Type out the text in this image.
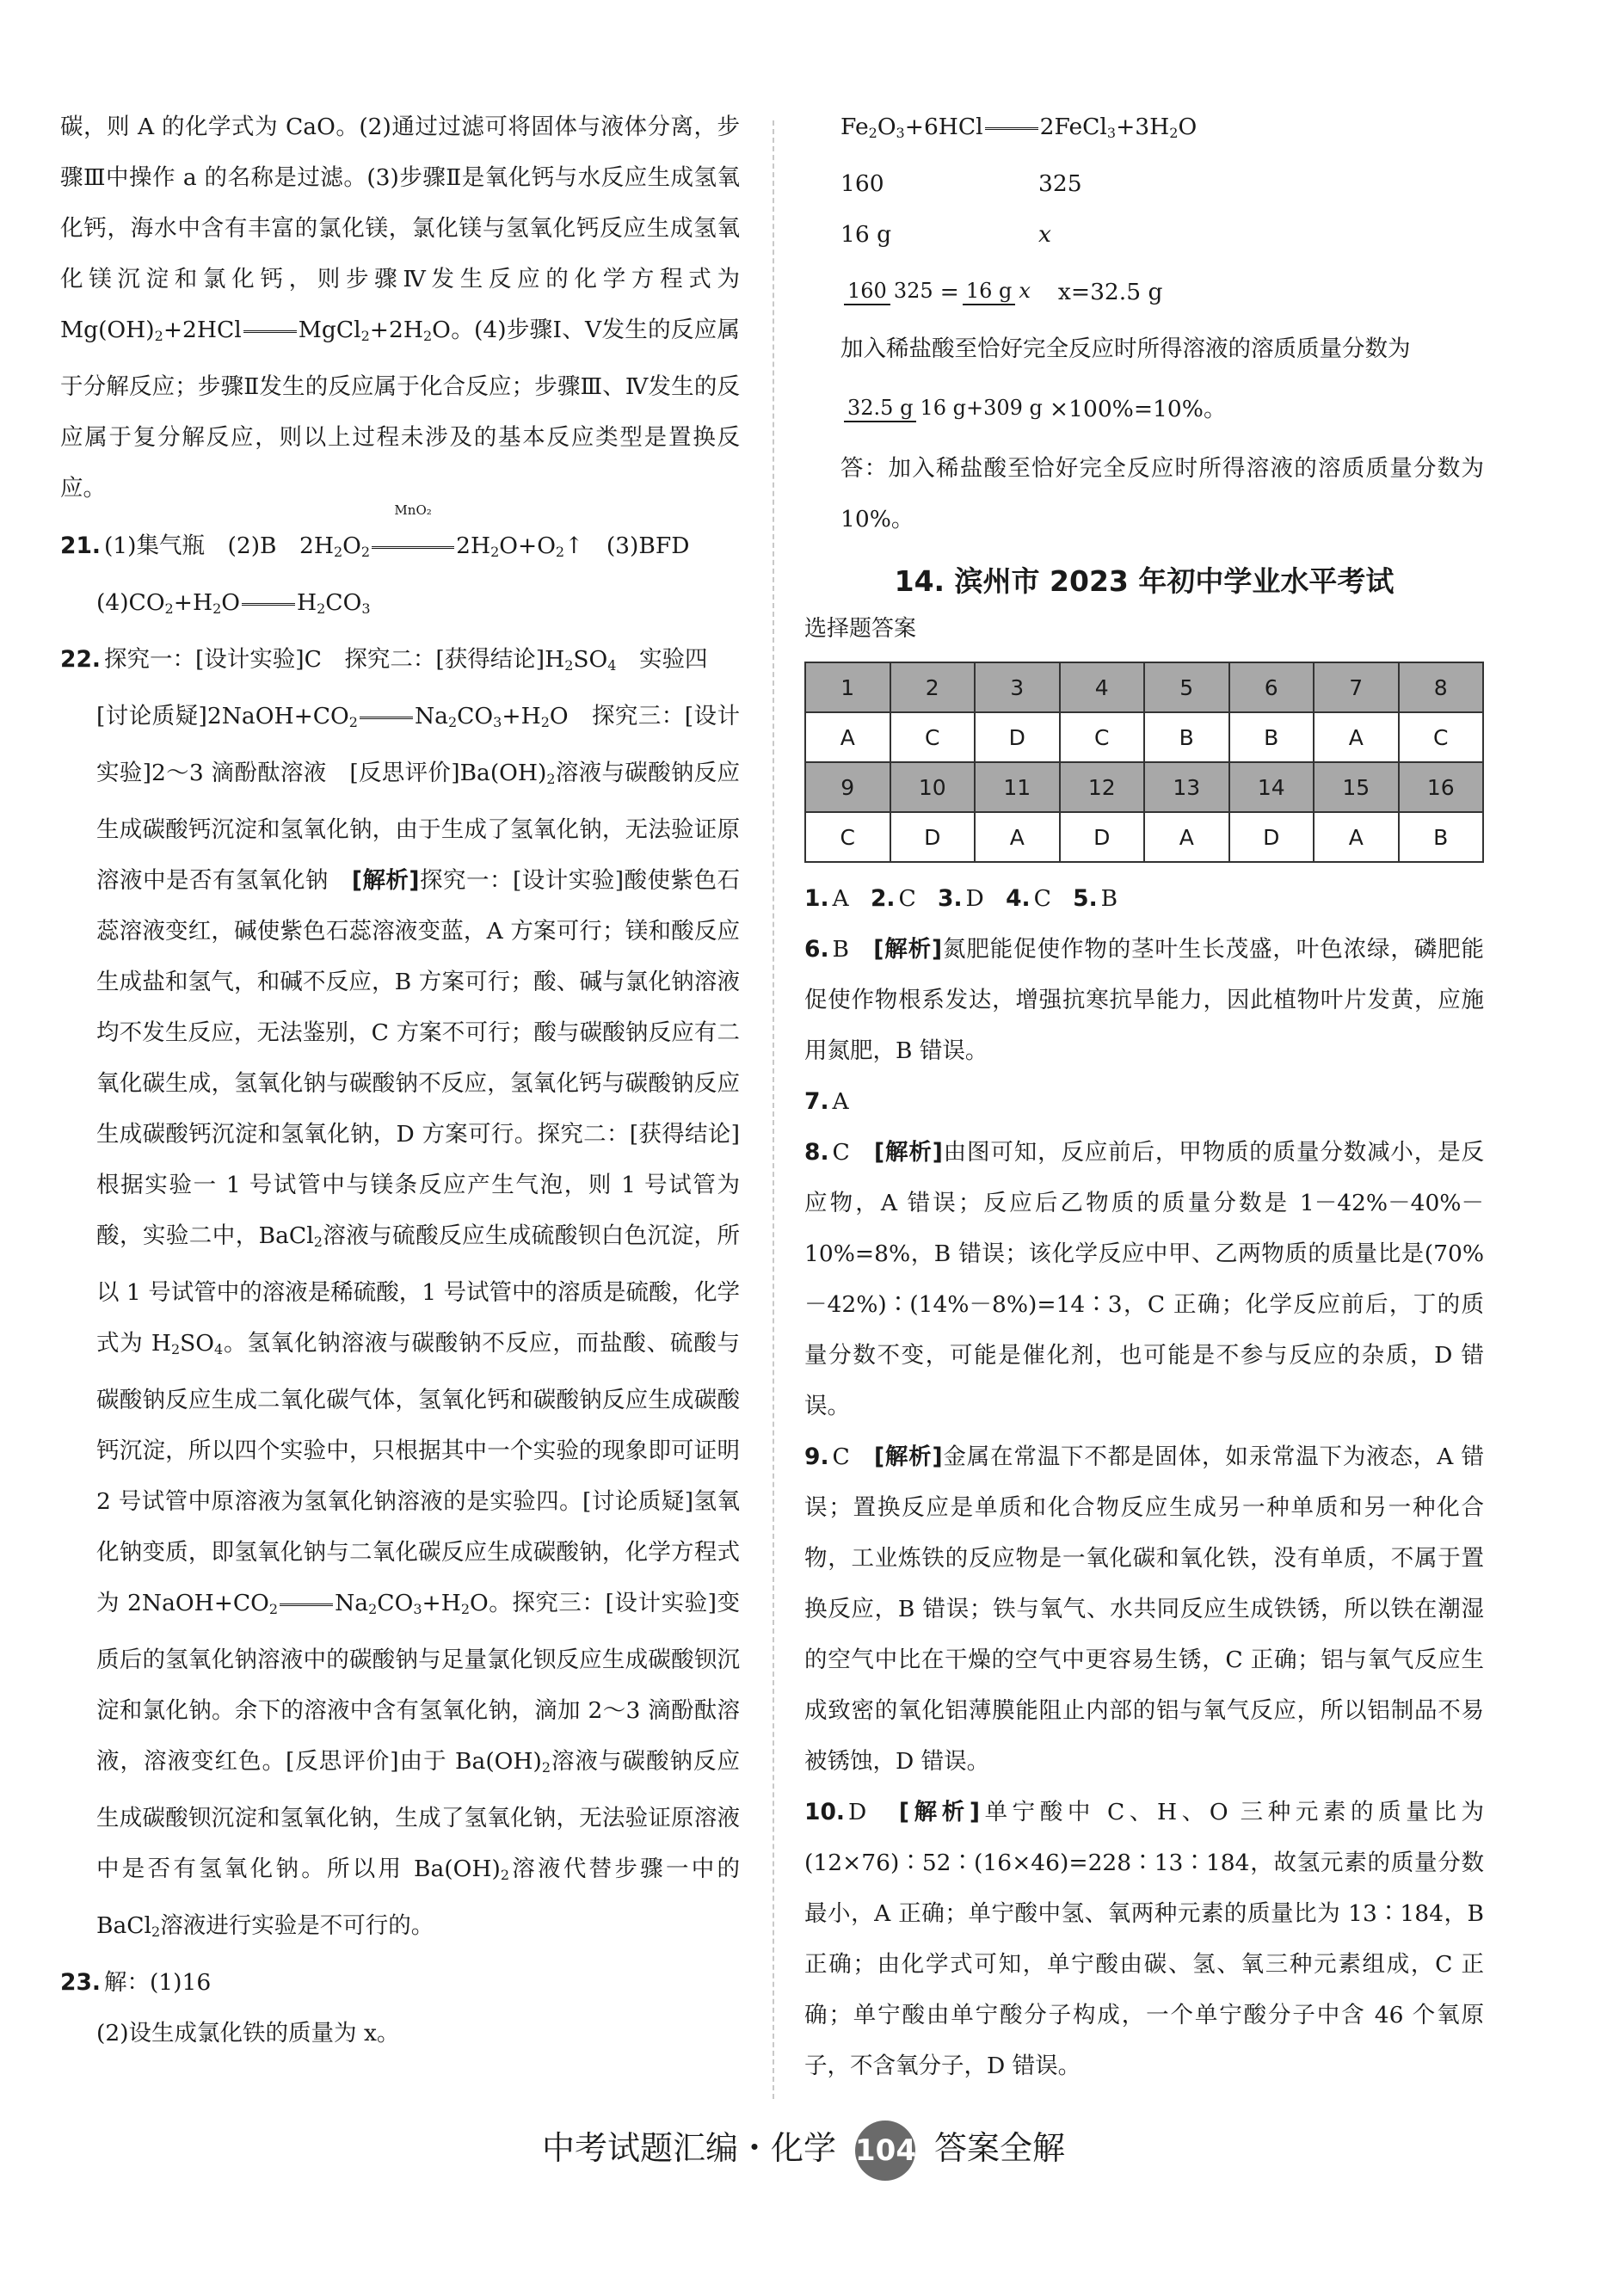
碳，则 A 的化学式为 CaO。(2)通过过滤可将固体与液体分离，步骤Ⅲ中操作 a 的名称是过滤。(3)步骤Ⅱ是氧化钙与水反应生成氢氧化钙，海水中含有丰富的氯化镁，氯化镁与氢氧化钙反应生成氢氧化镁沉淀和氯化钙，则步骤Ⅳ发生反应的化学方程式为 $Mg(OH)_2+2HCl$ $MgCl_2+2H_2O$。(4)步骤Ⅰ、Ⅴ发生的反应属于分解反应；步骤Ⅱ发生的反应属于化合反应；步骤Ⅲ、Ⅳ发生的反应属于复分解反应，则以上过程未涉及的基本反应类型是置换反应。

21. (1)集气瓶　(2)B　$2H_2O_2$
MnO₂
$2H_2O+O_2↑$　(3)BFD

$(4)CO_2+H_2O$ $H_2CO_3$

22. 探究一：[设计实验]C　探究二：[获得结论]$H_2SO_4$　实验四

[讨论质疑]$2NaOH+CO_2$ $Na_2CO_3+H_2O$　探究三：[设计实验]2～3 滴酚酞溶液　[反思评价]$Ba(OH)_2$溶液与碳酸钠反应生成碳酸钙沉淀和氢氧化钠，由于生成了氢氧化钠，无法验证原溶液中是否有氢氧化钠　[解析]探究一：[设计实验]酸使紫色石蕊溶液变红，碱使紫色石蕊溶液变蓝，A 方案可行；镁和酸反应生成盐和氢气，和碱不反应，B 方案可行；酸、碱与氯化钠溶液均不发生反应，无法鉴别，C 方案不可行；酸与碳酸钠反应有二氧化碳生成，氢氧化钠与碳酸钠不反应，氢氧化钙与碳酸钠反应生成碳酸钙沉淀和氢氧化钠，D 方案可行。探究二：[获得结论]根据实验一 1 号试管中与镁条反应产生气泡，则 1 号试管为酸，实验二中，BaCl$_2$溶液与硫酸反应生成硫酸钡白色沉淀，所以 1 号试管中的溶液是稀硫酸，1 号试管中的溶质是硫酸，化学式为 $H_2SO_4$。氢氧化钠溶液与碳酸钠不反应，而盐酸、硫酸与碳酸钠反应生成二氧化碳气体，氢氧化钙和碳酸钠反应生成碳酸钙沉淀，所以四个实验中，只根据其中一个实验的现象即可证明 2 号试管中原溶液为氢氧化钠溶液的是实验四。[讨论质疑]氢氧化钠变质，即氢氧化钠与二氧化碳反应生成碳酸钠，化学方程式为 $2NaOH+CO_2$ $Na_2CO_3+H_2O$。探究三：[设计实验]变质后的氢氧化钠溶液中的碳酸钠与足量氯化钡反应生成碳酸钡沉淀和氯化钠。余下的溶液中含有氢氧化钠，滴加 2～3 滴酚酞溶液，溶液变红色。[反思评价]由于 $Ba(OH)_2$溶液与碳酸钠反应生成碳酸钡沉淀和氢氧化钠，生成了氢氧化钠，无法验证原溶液中是否有氢氧化钠。所以用 $Ba(OH)_2$溶液代替步骤一中的 BaCl$_2$溶液进行实验是不可行的。

23. 解：(1)16

(2)设生成氯化铁的质量为 x。

$Fe_2O_3+6HCl$ $2FeCl_3+3H_2O$

160	325
16 g	x
160 325 = 16 g x x=32.5 g

加入稀盐酸至恰好完全反应时所得溶液的溶质质量分数为

32.5 g 16 g+309 g ×100%=10%。

答：加入稀盐酸至恰好完全反应时所得溶液的溶质质量分数为 10%。

14. 滨州市 2023 年初中学业水平考试
选择题答案
1	2	3	4	5	6	7	8
A	C	D	C	B	B	A	C
9	10	11	12	13	14	15	16
C	D	A	D	A	D	A	B

1. A 2. C 3. D 4. C 5. B

6. B　[解析]氮肥能促使作物的茎叶生长茂盛，叶色浓绿，磷肥能促使作物根系发达，增强抗寒抗旱能力，因此植物叶片发黄，应施用氮肥，B 错误。

7. A

8. C　[解析]由图可知，反应前后，甲物质的质量分数减小，是反应物，A 错误；反应后乙物质的质量分数是 1－42%－40%－10%=8%，B 错误；该化学反应中甲、乙两物质的质量比是(70%－42%)∶(14%－8%)=14∶3，C 正确；化学反应前后，丁的质量分数不变，可能是催化剂，也可能是不参与反应的杂质，D 错误。

9. C　[解析]金属在常温下不都是固体，如汞常温下为液态，A 错误；置换反应是单质和化合物反应生成另一种单质和另一种化合物，工业炼铁的反应物是一氧化碳和氧化铁，没有单质，不属于置换反应，B 错误；铁与氧气、水共同反应生成铁锈，所以铁在潮湿的空气中比在干燥的空气中更容易生锈，C 正确；铝与氧气反应生成致密的氧化铝薄膜能阻止内部的铝与氧气反应，所以铝制品不易被锈蚀，D 错误。

10. D　[解析]单宁酸中 C、H、O 三种元素的质量比为(12×76)∶52∶(16×46)=228∶13∶184，故氢元素的质量分数最小，A 正确；单宁酸中氢、氧两种元素的质量比为 13∶184，B 正确；由化学式可知，单宁酸由碳、氢、氧三种元素组成，C 正确；单宁酸由单宁酸分子构成，一个单宁酸分子中含 46 个氧原子，不含氧分子，D 错误。

中考试题汇编・化学 104 答案全解
